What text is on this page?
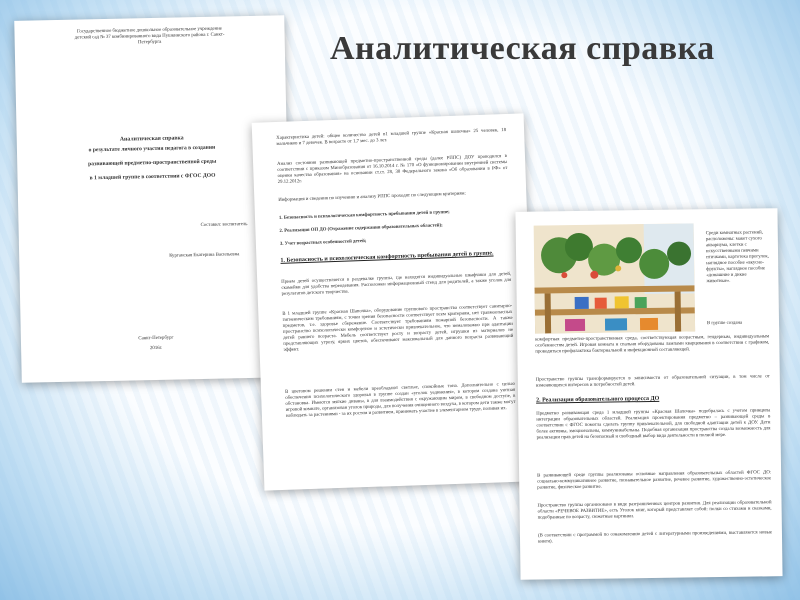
Аналитическая справка
Государственное бюджетное дошкольное образовательное учреждение детский сад № 37 комбинированного вида Пушкинского района г. Санкт-Петербурга
Аналитическая справка
о результате личного участия педагога в создании
развивающей предметно-пространственной среды
в 1 младшей группе в соответствии с ФГОС ДОО
Составил: воспитатель
Курганская Екатерина Васильевна
Санкт-Петербург
2016г.
Характеристика детей: общее количество детей в1 младшей группе «Красная шапочка» 25 человек, 18 мальчиков и 7 девочек. В возрасте от 1,7 мес. до 3 лет.
Анализ состояния развивающей предметно-пространственной среды (далее РППС) ДОУ проводился в соответствии с приказом Минобразования от 16.10.2014 г. № 170 «О функционировании внутренней системы оценки качества образования» на основании ст.ст. 28, 30 Федерального закона «Об образовании в РФ» от 29.12.2012г.
Информация и сведения по изучению и анализу РППС проходят по следующим критериям:
1. Безопасность и психологическая комфортность пребывания детей в группе;
2. Реализация ОП ДО (Отражение содержания образовательных областей);
3. Учет возрастных особенностей детей;
1. Безопасность и психологическая комфортность пребывания детей в группе.
Прием детей осуществляется в раздевалке группы, где находятся индивидуальные шкафчики для детей, скамейки для удобства переодевания. Расположен информационный стенд для родителей, а также уголок для результатов детского творчества.
В 1 младшей группе «Красная Шапочка», оборудование группового пространства соответствует санитарно- гигиеническим требованиям, с точки зрения безопасности соответствует всем критериям, нет травмоопасных предметов, т.е. здоровье сбережение. Соответствует требованиям пожарной безопасности. А также пространство психологически комфортное и эстетически привлекательное, что немаловажно при адаптации детей раннего возраста. Мебель соответствует росту и возрасту детей, игрушки из материалов не представляющих угрозу, ярких цветов, обеспечивают максимальный для данного возраста развивающий эффект.
В цветовом решении стен и мебели преобладают светлые, спокойные тона. Дополнительно с целью обеспечения психологического здоровья в группе создан «уголок уединения», в котором создана уютная обстановка. Имеются мягкие диваны, в для взаимодействия с окружающим миром, в свободном доступе, в игровой комнате, организован уголок природы, для получения очищенного воздуха, в котором дети также могут наблюдать за растениями - за их ростом и развитием, принимать участие в элементарном труде, поливая их.
Среди комнатных растений, расположены: макет сухого аквариума, клетки с искусственными певчими птичками, картотека прогулок, наглядное пособие «вкусно-фрукты», наглядное пособие «домашние и дикие животные».
В группе создана
комфортная предметно-пространственная среда, соответствующая возрастным, гендерным, индивидуальным особенностям детей. Игровая комната и спальня оборудованы лампами кварцевания в соответствии с графиком, проводиться профилактика бактериальной и инфекционной составляющей.
Пространство группы трансформируется в зависимости от образовательной ситуации, в том числе от изменяющихся интересов и потребностей детей.
2. Реализация образовательного процесса ДО
Предметно развивающая среда 1 младшей группы «Красная Шапочка» подобралась с учетом принципа интеграции образовательных областей. Реализация проектирования предметно – развивающей среды в соответствии с ФГОС помогла сделать группу привлекательной, для свободной адаптации детей к ДОУ. Дети более активны, эмоциональны, коммуникабельны. Подобная организация пространства создала возможность для реализации прав детей на безопасный и свободный выбор вида деятельности в полной мере.
В развивающей среде группы реализованы основные направления образовательных областей ФГОС ДО: социально-коммуникативное развитие, познавательное развитие, речевое развитие, художественно-эстетическое развитие, физическое развитие.
Пространство группы организовано в виде разграниченных центров развития. Для реализации образовательной области «РЕЧЕВОЕ РАЗВИТИЕ», есть Уголок книг, который представляет собой: полки со стихами и сказками, подобранные по возрасту, сюжетные картинки.
(В соответствии с программой по ознакомлению детей с литературными произведениями, выставляются новые книги).
